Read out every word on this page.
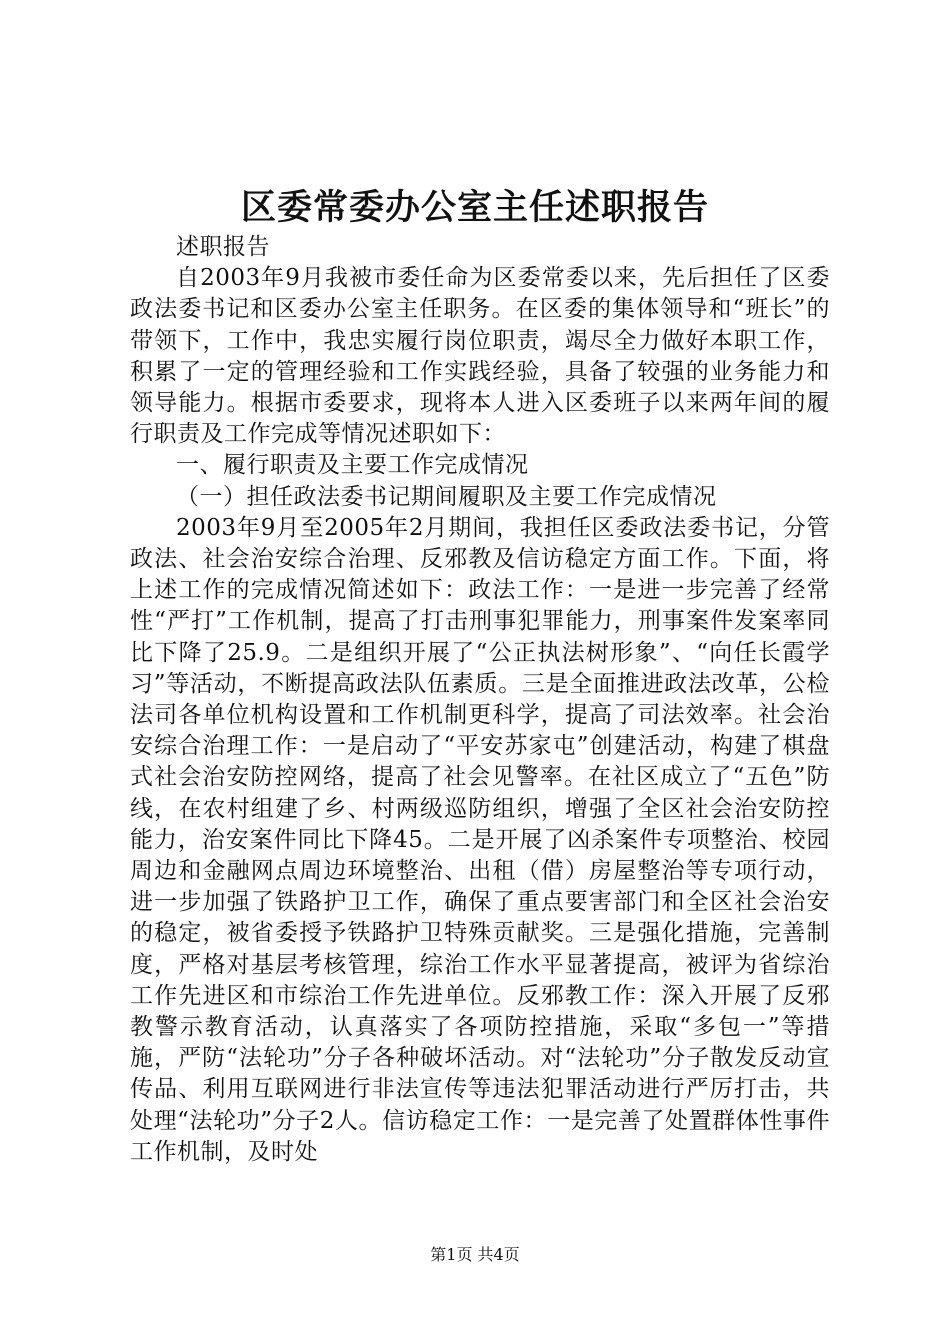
区委常委办公室主任述职报告

述职报告

自2003年9月我被市委任命为区委常委以来，先后担任了区委政法委书记和区委办公室主任职务。在区委的集体领导和“班长”的带领下，工作中，我忠实履行岗位职责，竭尽全力做好本职工作，积累了一定的管理经验和工作实践经验，具备了较强的业务能力和领导能力。根据市委要求，现将本人进入区委班子以来两年间的履行职责及工作完成等情况述职如下：

一、履行职责及主要工作完成情况

（一）担任政法委书记期间履职及主要工作完成情况

2003年9月至2005年2月期间，我担任区委政法委书记，分管政法、社会治安综合治理、反邪教及信访稳定方面工作。下面，将上述工作的完成情况简述如下：政法工作：一是进一步完善了经常性“严打”工作机制，提高了打击刑事犯罪能力，刑事案件发案率同比下降了25.9。二是组织开展了“公正执法树形象”、“向任长霞学习”等活动，不断提高政法队伍素质。三是全面推进政法改革，公检法司各单位机构设置和工作机制更科学，提高了司法效率。社会治安综合治理工作：一是启动了“平安苏家屯”创建活动，构建了棋盘式社会治安防控网络，提高了社会见警率。在社区成立了“五色”防线，在农村组建了乡、村两级巡防组织，增强了全区社会治安防控能力，治安案件同比下降45。二是开展了凶杀案件专项整治、校园周边和金融网点周边环境整治、出租（借）房屋整治等专项行动，进一步加强了铁路护卫工作，确保了重点要害部门和全区社会治安的稳定，被省委授予铁路护卫特殊贡献奖。三是强化措施，完善制度，严格对基层考核管理，综治工作水平显著提高，被评为省综治工作先进区和市综治工作先进单位。反邪教工作：深入开展了反邪教警示教育活动，认真落实了各项防控措施，采取“多包一”等措施，严防“法轮功”分子各种破坏活动。对“法轮功”分子散发反动宣传品、利用互联网进行非法宣传等违法犯罪活动进行严厉打击，共处理“法轮功”分子2人。信访稳定工作：一是完善了处置群体性事件工作机制，及时处

第1页 共4页
